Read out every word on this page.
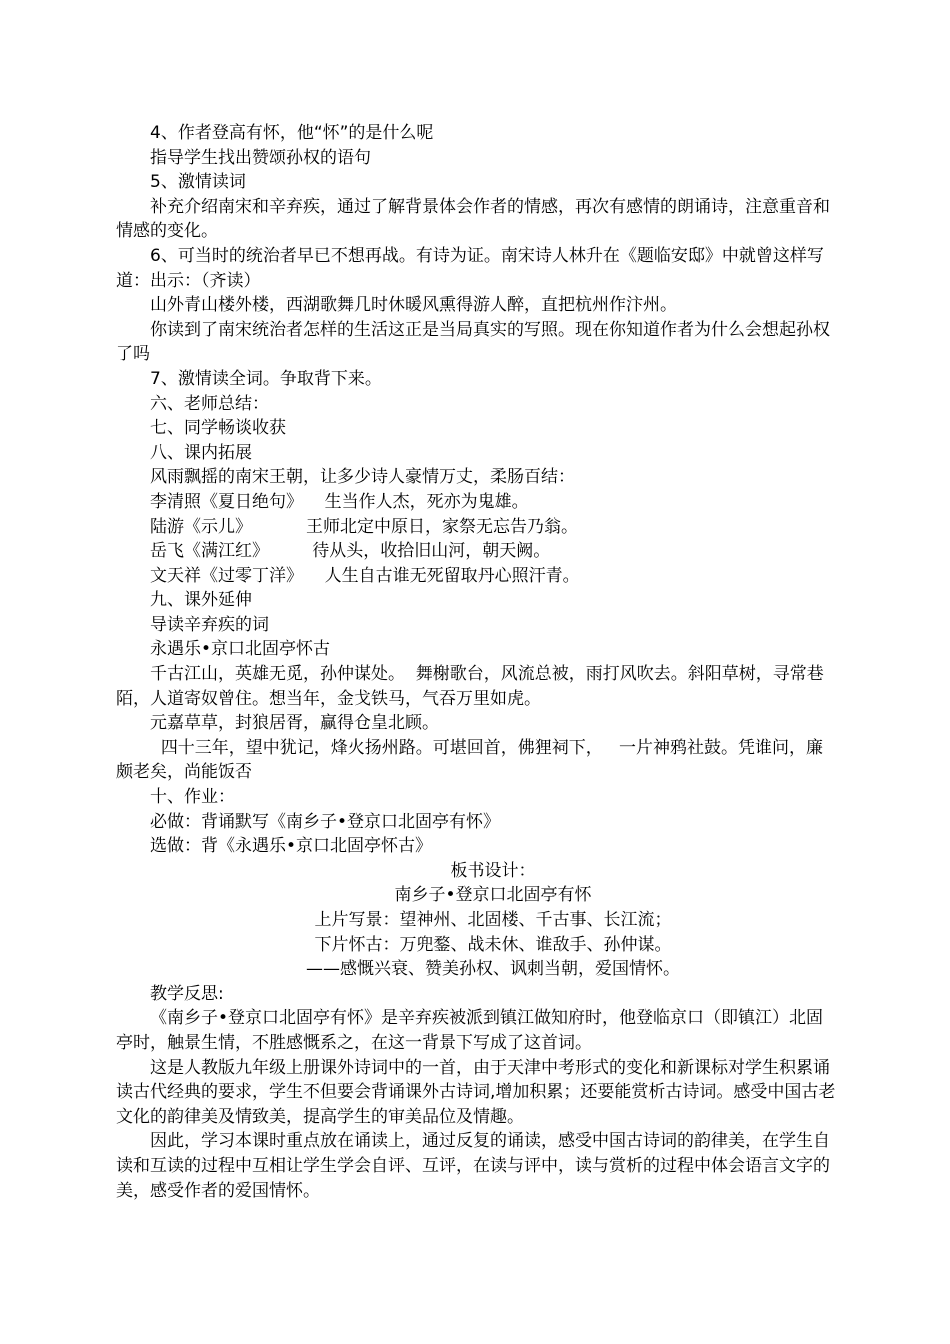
4、作者登高有怀，他“怀”的是什么呢

指导学生找出赞颂孙权的语句

5、激情读词

补充介绍南宋和辛弃疾，通过了解背景体会作者的情感，再次有感情的朗诵诗，注意重音和情感的变化。

6、可当时的统治者早已不想再战。有诗为证。南宋诗人林升在《题临安邸》中就曾这样写道：出示：（齐读）

山外青山楼外楼，西湖歌舞几时休暖风熏得游人醉，直把杭州作汴州。

你读到了南宋统治者怎样的生活这正是当局真实的写照。现在你知道作者为什么会想起孙权了吗

7、激情读全词。争取背下来。

六、老师总结：

七、同学畅谈收获

八、课内拓展

风雨飘摇的南宋王朝，让多少诗人豪情万丈，柔肠百结：

李清照《夏日绝句》    生当作人杰，死亦为鬼雄。

陆游《示儿》          王师北定中原日，家祭无忘告乃翁。

岳飞《满江红》        待从头，收拾旧山河，朝天阙。

文天祥《过零丁洋》    人生自古谁无死留取丹心照汗青。

九、课外延伸

导读辛弃疾的词

永遇乐•京口北固亭怀古

千古江山，英雄无觅，孙仲谋处。  舞榭歌台，风流总被，雨打风吹去。斜阳草树，寻常巷陌，人道寄奴曾住。想当年，金戈铁马，气吞万里如虎。

元嘉草草，封狼居胥，赢得仓皇北顾。

四十三年，望中犹记，烽火扬州路。可堪回首，佛狸祠下，   一片神鸦社鼓。凭谁问，廉颇老矣，尚能饭否

十、作业：

必做：背诵默写《南乡子•登京口北固亭有怀》

选做：背《永遇乐•京口北固亭怀古》

板书设计：

南乡子•登京口北固亭有怀

上片写景：望神州、北固楼、千古事、长江流；

下片怀古：万兜鍪、战未休、谁敌手、孙仲谋。

——感慨兴衰、赞美孙权、讽刺当朝，爱国情怀。

教学反思:

《南乡子•登京口北固亭有怀》是辛弃疾被派到镇江做知府时，他登临京口（即镇江）北固亭时，触景生情，不胜感慨系之，在这一背景下写成了这首词。

这是人教版九年级上册课外诗词中的一首，由于天津中考形式的变化和新课标对学生积累诵读古代经典的要求，学生不但要会背诵课外古诗词,增加积累；还要能赏析古诗词。感受中国古老文化的韵律美及情致美，提高学生的审美品位及情趣。

因此，学习本课时重点放在诵读上，通过反复的诵读，感受中国古诗词的韵律美，在学生自读和互读的过程中互相让学生学会自评、互评，在读与评中，读与赏析的过程中体会语言文字的美，感受作者的爱国情怀。
